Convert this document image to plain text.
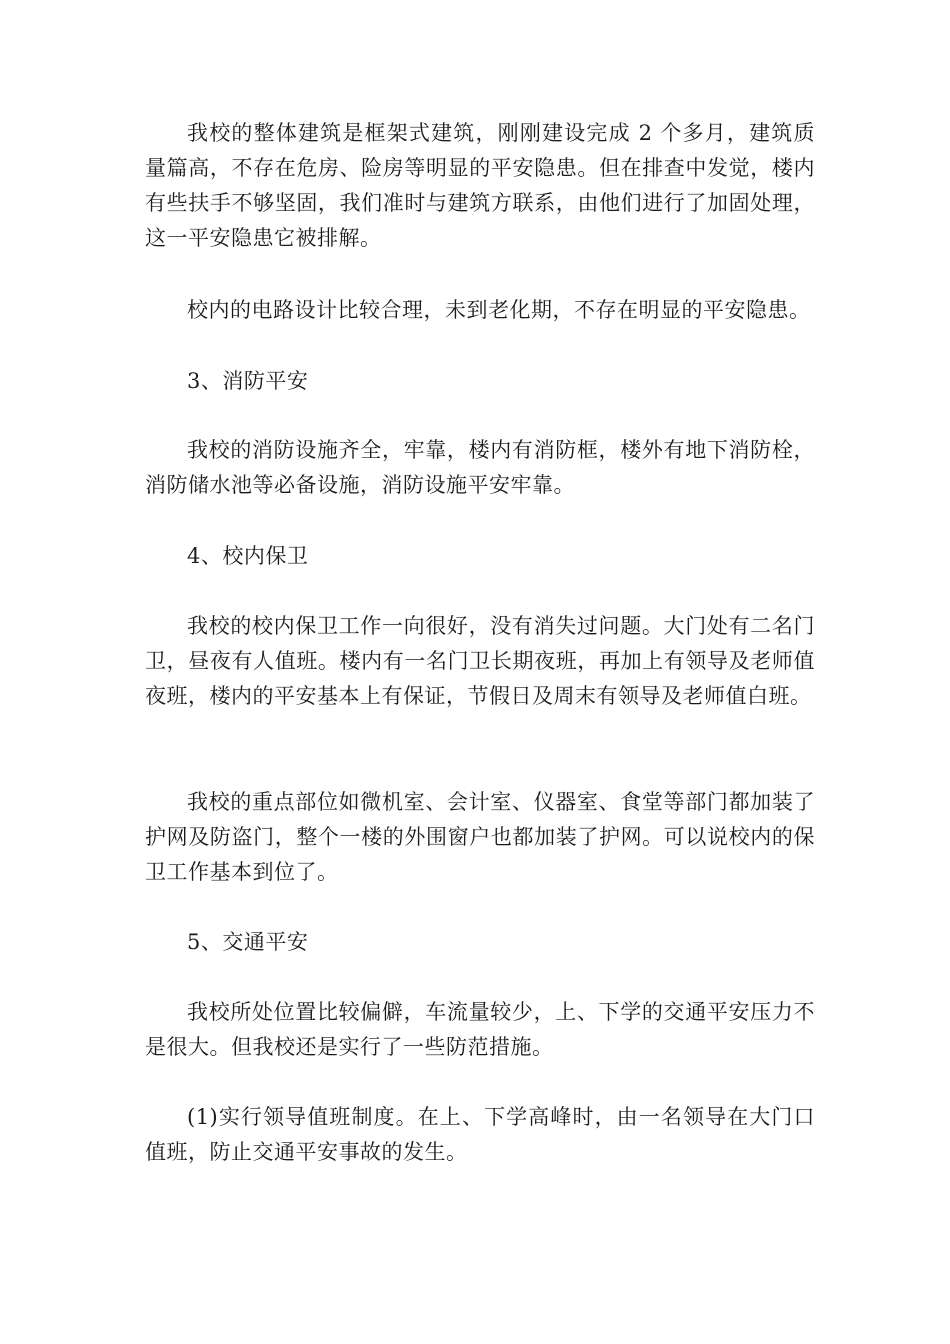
我校的整体建筑是框架式建筑，刚刚建设完成 2 个多月，建筑质量篇高，不存在危房、险房等明显的平安隐患。但在排查中发觉，楼内有些扶手不够坚固，我们准时与建筑方联系，由他们进行了加固处理，这一平安隐患它被排解。

校内的电路设计比较合理，未到老化期，不存在明显的平安隐患。

3、消防平安

我校的消防设施齐全，牢靠，楼内有消防框，楼外有地下消防栓，消防储水池等必备设施，消防设施平安牢靠。

4、校内保卫

我校的校内保卫工作一向很好，没有消失过问题。大门处有二名门卫，昼夜有人值班。楼内有一名门卫长期夜班，再加上有领导及老师值夜班，楼内的平安基本上有保证，节假日及周末有领导及老师值白班。

我校的重点部位如微机室、会计室、仪器室、食堂等部门都加装了护网及防盗门，整个一楼的外围窗户也都加装了护网。可以说校内的保卫工作基本到位了。

5、交通平安

我校所处位置比较偏僻，车流量较少，上、下学的交通平安压力不是很大。但我校还是实行了一些防范措施。

(1)实行领导值班制度。在上、下学高峰时，由一名领导在大门口值班，防止交通平安事故的发生。
